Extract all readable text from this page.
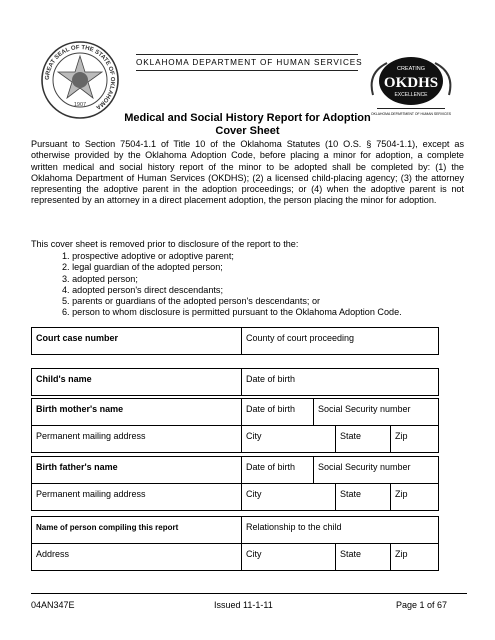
GREAT SEAL OF THE STATE OF OKLAHOMA
1907
OKLAHOMA DEPARTMENT OF HUMAN SERVICES
CREATING
OKDHS
EXCELLENCE
OKLAHOMA DEPARTMENT OF HUMAN SERVICES
Medical and Social History Report for Adoption
Cover Sheet
Pursuant to Section 7504-1.1 of Title 10 of the Oklahoma Statutes (10 O.S. § 7504-1.1), except as otherwise provided by the Oklahoma Adoption Code, before placing a minor for adoption, a complete written medical and social history report of the minor to be adopted shall be completed by: (1) the Oklahoma Department of Human Services (OKDHS); (2) a licensed child-placing agency; (3) the attorney representing the adoptive parent in the adoption proceedings; or (4) when the adoptive parent is not represented by an attorney in a direct placement adoption, the person placing the minor for adoption.
This cover sheet is removed prior to disclosure of the report to the:
1. prospective adoptive or adoptive parent;
2. legal guardian of the adopted person;
3. adopted person;
4. adopted person's direct descendants;
5. parents or guardians of the adopted person's descendants; or
6. person to whom disclosure is permitted pursuant to the Oklahoma Adoption Code.
Court case number	County of court proceeding
Child's name	Date of birth
Birth mother's name	Date of birth	Social Security number
Permanent mailing address	City	State	Zip
Birth father's name	Date of birth	Social Security number
Permanent mailing address	City	State	Zip
Name of person compiling this report	Relationship to the child
Address	City	State	Zip
04AN347E	Issued 11-1-11	Page 1 of 67
